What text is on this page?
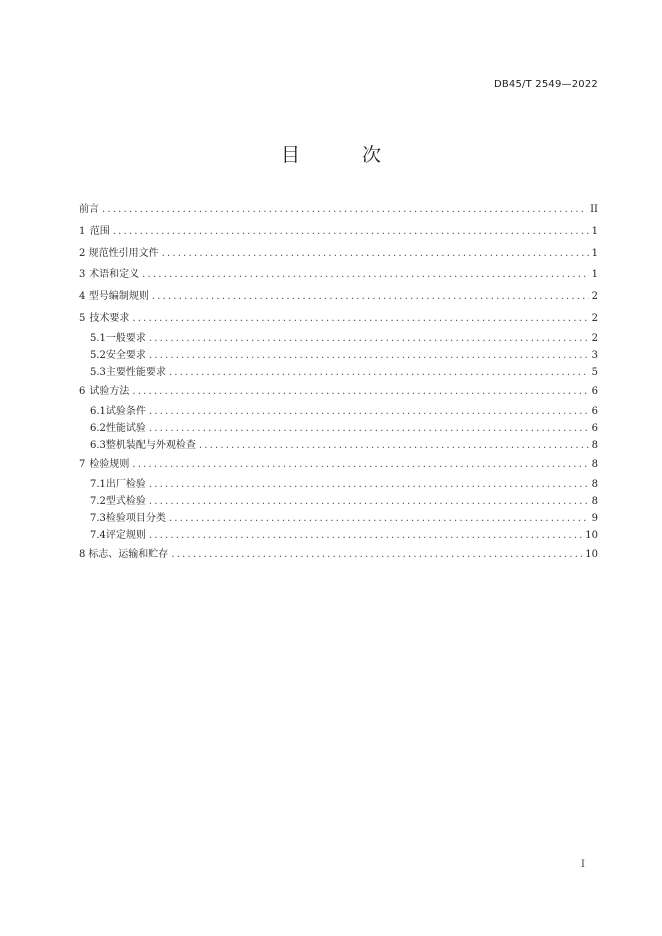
DB45/T 2549—2022
目 次
前言 .....	II
1 范围 .....	1
2 规范性引用文件 .....	1
3 术语和定义 .....	1
4 型号编制规则 .....	2
5 技术要求 .....	2
5.1 一般要求 .....	2
5.2 安全要求 .....	3
5.3 主要性能要求 .....	5
6 试验方法 .....	6
6.1 试验条件 .....	6
6.2 性能试验 .....	6
6.3 整机装配与外观检查 .....	8
7 检验规则 .....	8
7.1 出厂检验 .....	8
7.2 型式检验 .....	8
7.3 检验项目分类 .....	9
7.4 评定规则 .....	10
8 标志、运输和贮存 .....	10
I
